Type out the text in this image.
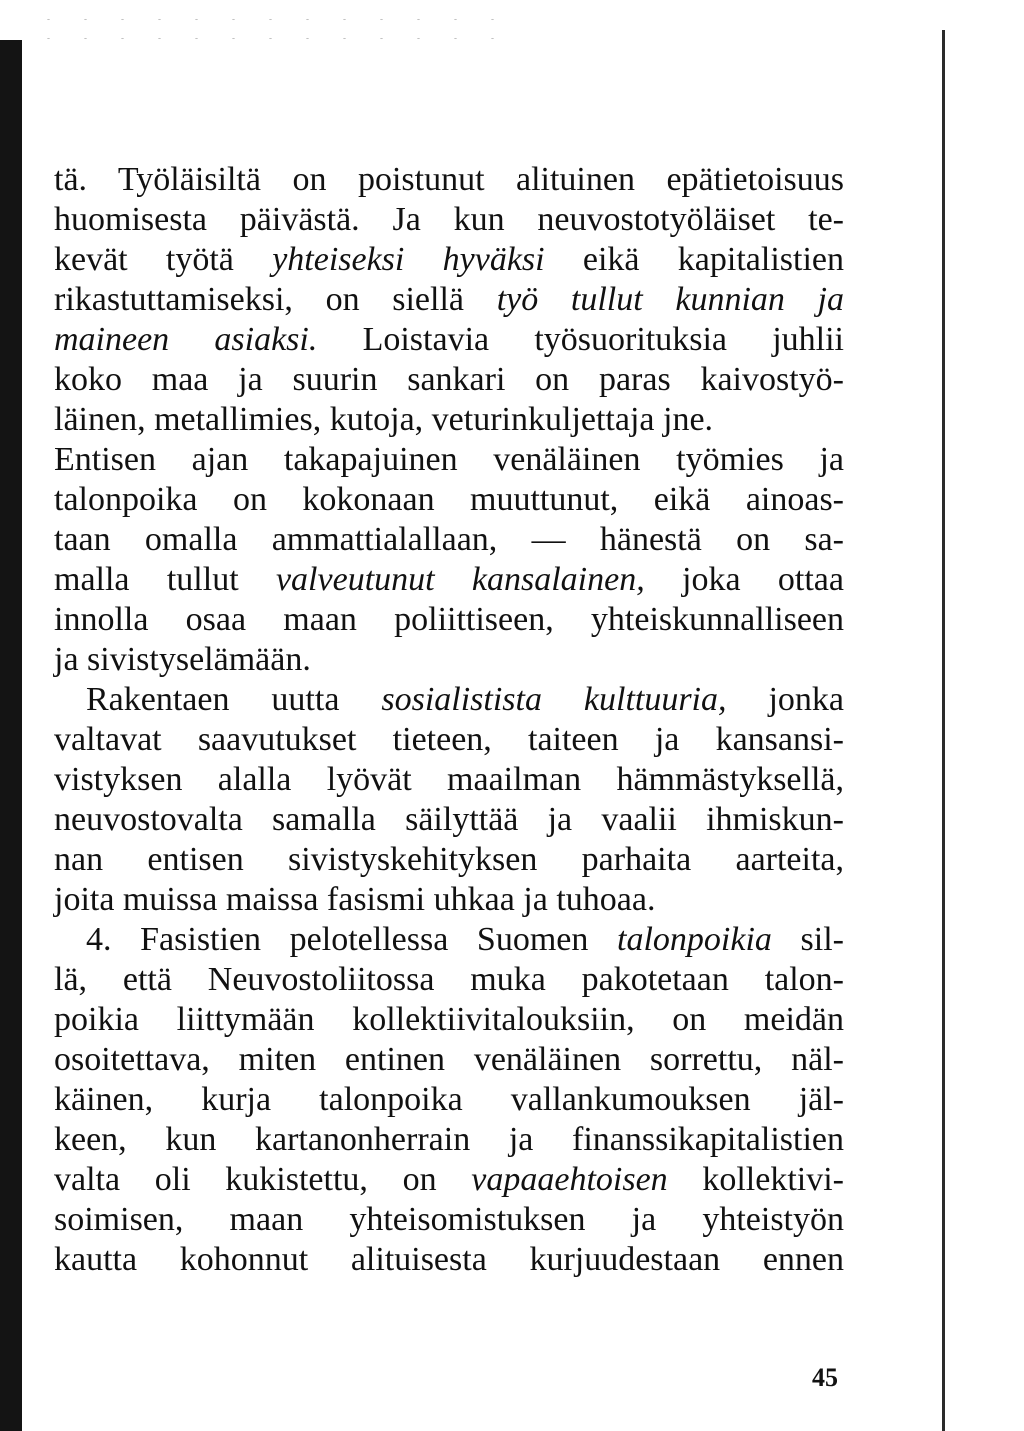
tä. Työläisiltä on poistunut alituinen epätietoisuus
huomisesta päivästä. Ja kun neuvostotyöläiset te-
kevät työtä yhteiseksi hyväksi eikä kapitalistien
rikastuttamiseksi, on siellä työ tullut kunnian ja
maineen asiaksi. Loistavia työsuorituksia juhlii
koko maa ja suurin sankari on paras kaivostyö-
läinen, metallimies, kutoja, veturinkuljettaja jne.
Entisen ajan takapajuinen venäläinen työmies ja
talonpoika on kokonaan muuttunut, eikä ainoas-
taan omalla ammattialallaan, — hänestä on sa-
malla tullut valveutunut kansalainen, joka ottaa
innolla osaa maan poliittiseen, yhteiskunnalliseen
ja sivistyselämään.
Rakentaen uutta sosialistista kulttuuria, jonka
valtavat saavutukset tieteen, taiteen ja kansansi-
vistyksen alalla lyövät maailman hämmästyksellä,
neuvostovalta samalla säilyttää ja vaalii ihmiskun-
nan entisen sivistyskehityksen parhaita aarteita,
joita muissa maissa fasismi uhkaa ja tuhoaa.
4. Fasistien pelotellessa Suomen talonpoikia sil-
lä, että Neuvostoliitossa muka pakotetaan talon-
poikia liittymään kollektiivitalouksiin, on meidän
osoitettava, miten entinen venäläinen sorrettu, näl-
käinen, kurja talonpoika vallankumouksen jäl-
keen, kun kartanonherrain ja finanssikapitalistien
valta oli kukistettu, on vapaaehtoisen kollektivi-
soimisen, maan yhteisomistuksen ja yhteistyön
kautta kohonnut alituisesta kurjuudestaan ennen
45
